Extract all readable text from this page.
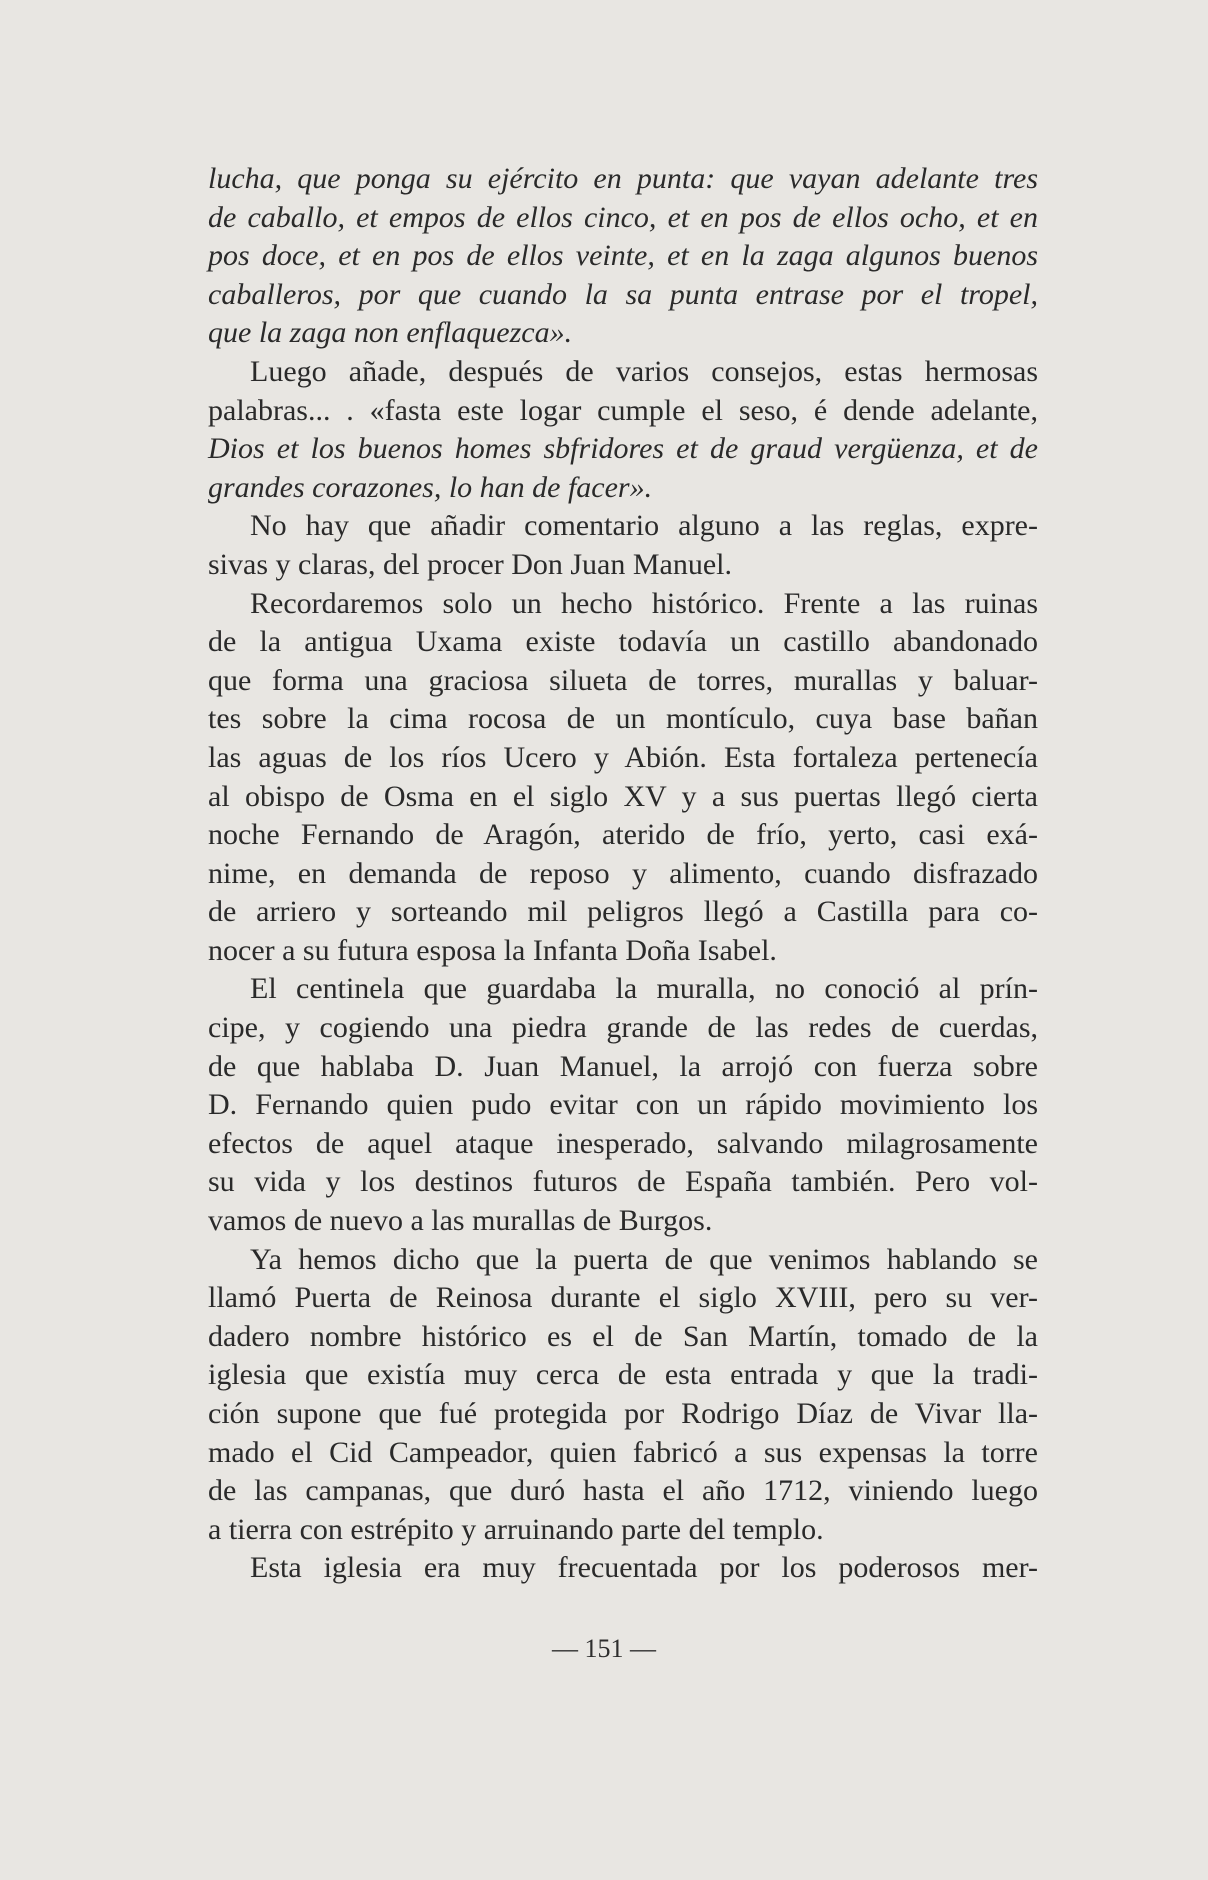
lucha, que ponga su ejército en punta: que vayan adelante tres
de caballo, et empos de ellos cinco, et en pos de ellos ocho, et en
pos doce, et en pos de ellos veinte, et en la zaga algunos buenos
caballeros, por que cuando la sa punta entrase por el tropel,
que la zaga non enflaquezca».
Luego añade, después de varios consejos, estas hermosas
palabras... . «fasta este logar cumple el seso, é dende adelante,
Dios et los buenos homes sbfridores et de graud vergüenza, et de
grandes corazones, lo han de facer».
No hay que añadir comentario alguno a las reglas, expre-
sivas y claras, del procer Don Juan Manuel.
Recordaremos solo un hecho histórico. Frente a las ruinas
de la antigua Uxama existe todavía un castillo abandonado
que forma una graciosa silueta de torres, murallas y baluar-
tes sobre la cima rocosa de un montículo, cuya base bañan
las aguas de los ríos Ucero y Abión. Esta fortaleza pertenecía
al obispo de Osma en el siglo XV y a sus puertas llegó cierta
noche Fernando de Aragón, aterido de frío, yerto, casi exá-
nime, en demanda de reposo y alimento, cuando disfrazado
de arriero y sorteando mil peligros llegó a Castilla para co-
nocer a su futura esposa la Infanta Doña Isabel.
El centinela que guardaba la muralla, no conoció al prín-
cipe, y cogiendo una piedra grande de las redes de cuerdas,
de que hablaba D. Juan Manuel, la arrojó con fuerza sobre
D. Fernando quien pudo evitar con un rápido movimiento los
efectos de aquel ataque inesperado, salvando milagrosamente
su vida y los destinos futuros de España también. Pero vol-
vamos de nuevo a las murallas de Burgos.
Ya hemos dicho que la puerta de que venimos hablando se
llamó Puerta de Reinosa durante el siglo XVIII, pero su ver-
dadero nombre histórico es el de San Martín, tomado de la
iglesia que existía muy cerca de esta entrada y que la tradi-
ción supone que fué protegida por Rodrigo Díaz de Vivar lla-
mado el Cid Campeador, quien fabricó a sus expensas la torre
de las campanas, que duró hasta el año 1712, viniendo luego
a tierra con estrépito y arruinando parte del templo.
Esta iglesia era muy frecuentada por los poderosos mer-
— 151 —
